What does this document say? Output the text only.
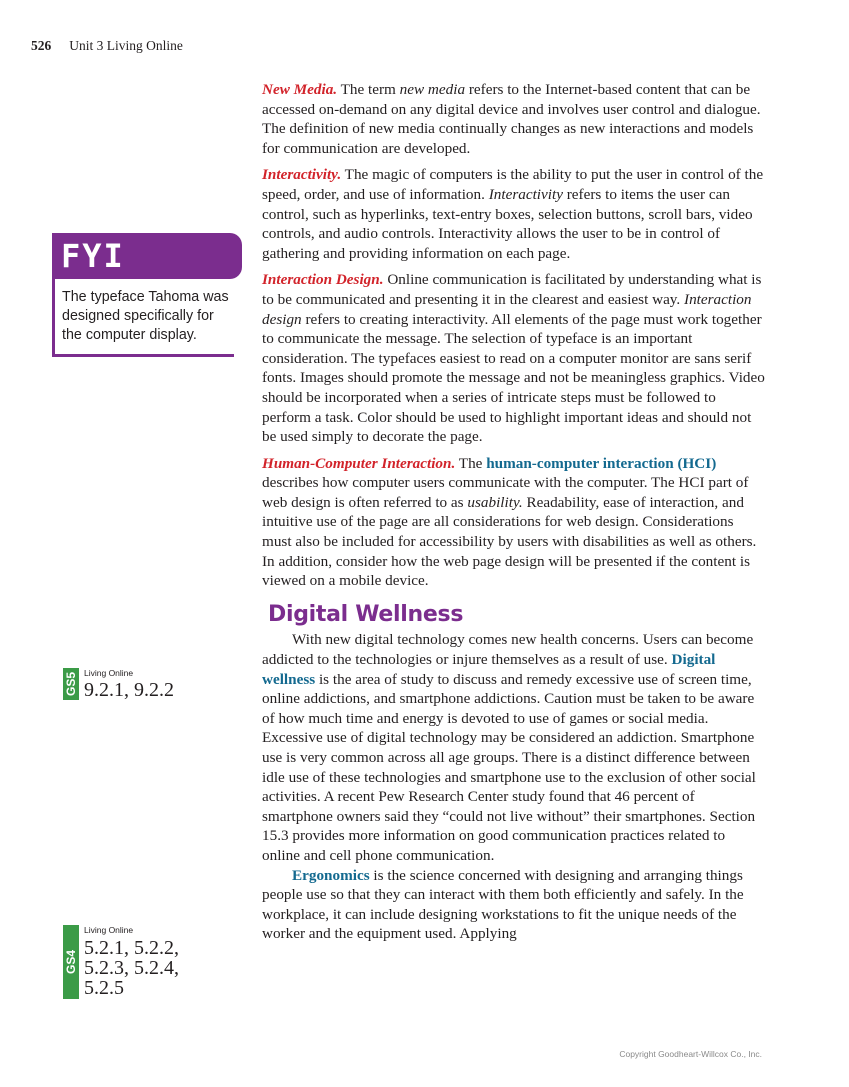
526 Unit 3 Living Online
FYI
The typeface Tahoma was designed specifically for the computer display.
GS5 Living Online
9.2.1, 9.2.2
GS4
Living Online
5.2.1, 5.2.2,
5.2.3, 5.2.4,
5.2.5

New Media. The term new media refers to the Internet-based content that can be accessed on-demand on any digital device and involves user control and dialogue. The definition of new media continually changes as new interactions and models for communication are developed.

Interactivity. The magic of computers is the ability to put the user in control of the speed, order, and use of information. Interactivity refers to items the user can control, such as hyperlinks, text-entry boxes, selection buttons, scroll bars, video controls, and audio controls. Interactivity allows the user to be in control of gathering and providing information on each page.

Interaction Design. Online communication is facilitated by understanding what is to be communicated and presenting it in the clearest and easiest way. Interaction design refers to creating interactivity. All elements of the page must work together to communicate the message. The selection of typeface is an important consideration. The typefaces easiest to read on a computer monitor are sans serif fonts. Images should promote the message and not be meaningless graphics. Video should be incorporated when a series of intricate steps must be followed to perform a task. Color should be used to highlight important ideas and should not be used simply to decorate the page.

Human-Computer Interaction. The human-computer interaction (HCI) describes how computer users communicate with the computer. The HCI part of web design is often referred to as usability. Readability, ease of interaction, and intuitive use of the page are all considerations for web design. Considerations must also be included for accessibility by users with disabilities as well as others. In addition, consider how the web page design will be presented if the content is viewed on a mobile device.

Digital Wellness

With new digital technology comes new health concerns. Users can become addicted to the technologies or injure themselves as a result of use. Digital wellness is the area of study to discuss and remedy excessive use of screen time, online addictions, and smartphone addictions. Caution must be taken to be aware of how much time and energy is devoted to use of games or social media. Excessive use of digital technology may be considered an addiction. Smartphone use is very common across all age groups. There is a distinct difference between idle use of these technologies and smartphone use to the exclusion of other social activities. A recent Pew Research Center study found that 46 percent of smartphone owners said they “could not live without” their smartphones. Section 15.3 provides more information on good communication practices related to online and cell phone communication.

Ergonomics is the science concerned with designing and arranging things people use so that they can interact with them both efficiently and safely. In the workplace, it can include designing workstations to fit the unique needs of the worker and the equipment used. Applying

Copyright Goodheart-Willcox Co., Inc.
